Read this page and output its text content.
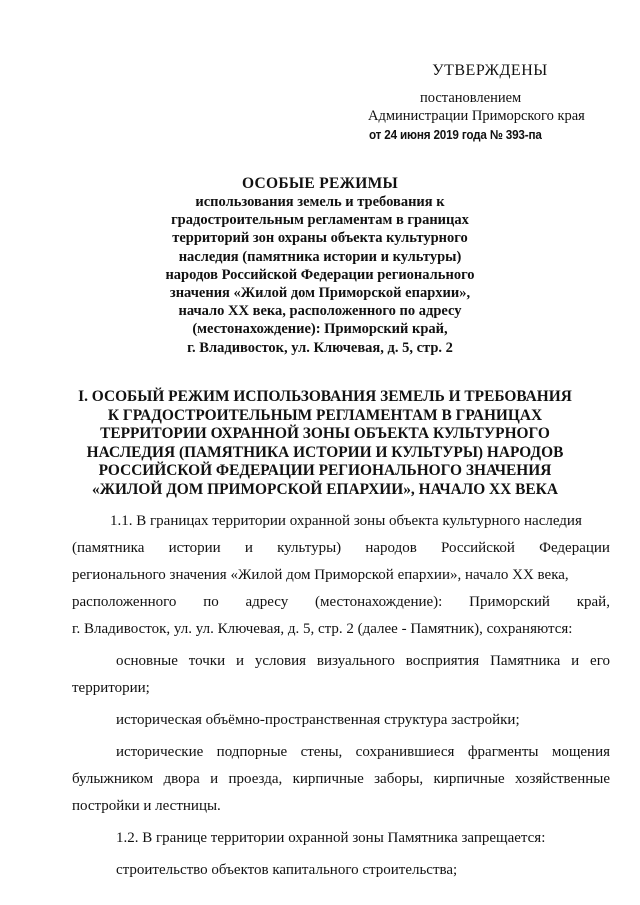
УТВЕРЖДЕНЫ
постановлением
Администрации Приморского края
от 24 июня 2019 года № 393-па
ОСОБЫЕ РЕЖИМЫ
использования земель и требования к
градостроительным регламентам в границах
территорий зон охраны объекта культурного
наследия (памятника истории и культуры)
народов Российской Федерации регионального
значения «Жилой дом Приморской епархии»,
начало XX века, расположенного по адресу
(местонахождение): Приморский край,
г. Владивосток, ул. Ключевая, д. 5, стр. 2
I. ОСОБЫЙ РЕЖИМ ИСПОЛЬЗОВАНИЯ ЗЕМЕЛЬ И ТРЕБОВАНИЯ
К ГРАДОСТРОИТЕЛЬНЫМ РЕГЛАМЕНТАМ В ГРАНИЦАХ
ТЕРРИТОРИИ ОХРАННОЙ ЗОНЫ ОБЪЕКТА КУЛЬТУРНОГО
НАСЛЕДИЯ (ПАМЯТНИКА ИСТОРИИ И КУЛЬТУРЫ) НАРОДОВ
РОССИЙСКОЙ ФЕДЕРАЦИИ РЕГИОНАЛЬНОГО ЗНАЧЕНИЯ
«ЖИЛОЙ ДОМ ПРИМОРСКОЙ ЕПАРХИИ», НАЧАЛО XX ВЕКА
1.1. В границах территории охранной зоны объекта культурного наследия
(памятника истории и культуры) народов Российской Федерации
регионального значения «Жилой дом Приморской епархии», начало XX века,
расположенного по адресу (местонахождение): Приморский край,
г. Владивосток, ул. ул. Ключевая, д. 5, стр. 2 (далее - Памятник), сохраняются:

основные точки и условия визуального восприятия Памятника и его территории;

историческая объёмно-пространственная структура застройки;

исторические подпорные стены, сохранившиеся фрагменты мощения булыжником двора и проезда, кирпичные заборы, кирпичные хозяйственные постройки и лестницы.

1.2. В границе территории охранной зоны Памятника запрещается:

строительство объектов капитального строительства;
